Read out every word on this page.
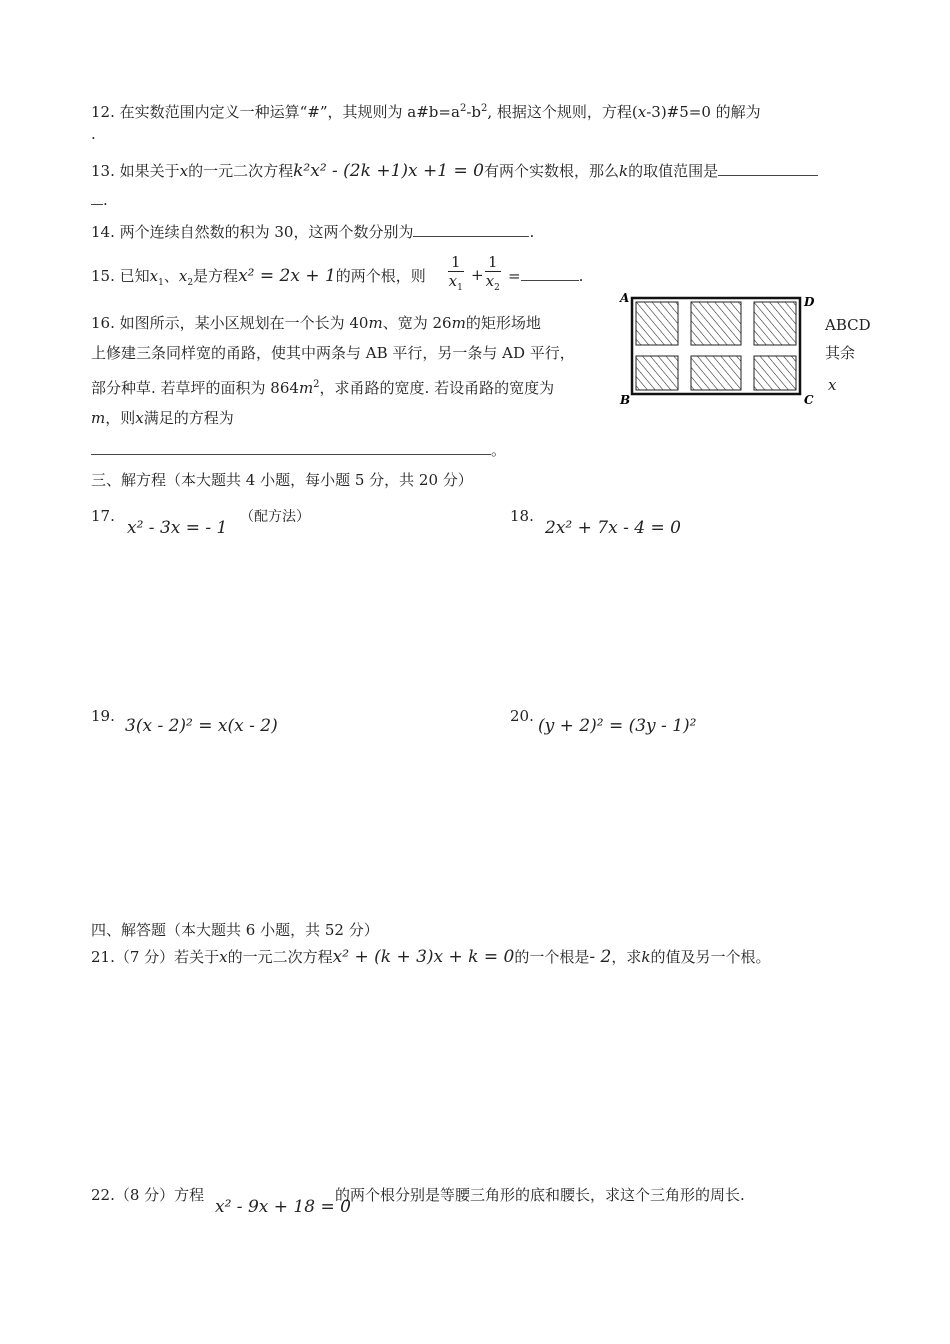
12. 在实数范围内定义一种运算“#”，其规则为 $a\#b=a^2-b^2$, 根据这个规则，方程(x-3)#5=0 的解为
.
13. 如果关于x的一元二次方程k²x² - (2k +1)x +1 = 0有两个实数根，那么k的取值范围是
.
14. 两个连续自然数的积为 30，这两个数分别为	.
15. 已知$x_1$、$x_2$是方程x² = 2x + 1的两个根，则 $\frac{1}{x_1} + \frac{1}{x_2}$ =	.
16. 如图所示，某小区规划在一个长为 40m、宽为 26m的矩形场地	ABCD
上修建三条同样宽的甬路，使其中两条与 AB 平行，另一条与 AD 平行，	其余
部分种草. 若草坪的面积为 $864m^2$，求甬路的宽度. 若设甬路的宽度为	x
m，则x满足的方程为
。
A	D
B	C
三、解方程（本大题共 4 小题，每小题 5 分，共 20 分）
17.
x² - 3x = - 1
（配方法）	18.
2x² + 7x - 4 = 0
19. 3(x - 2)² = x(x - 2)	20. (y + 2)² = (3y - 1)²
四、解答题（本大题共 6 小题，共 52 分）
21.（7 分）若关于x的一元二次方程x² + (k + 3)x + k = 0的一个根是- 2，求k的值及另一个根。
22.（8 分）方程
x² - 9x + 18 = 0
的两个根分别是等腰三角形的底和腰长，求这个三角形的周长.
